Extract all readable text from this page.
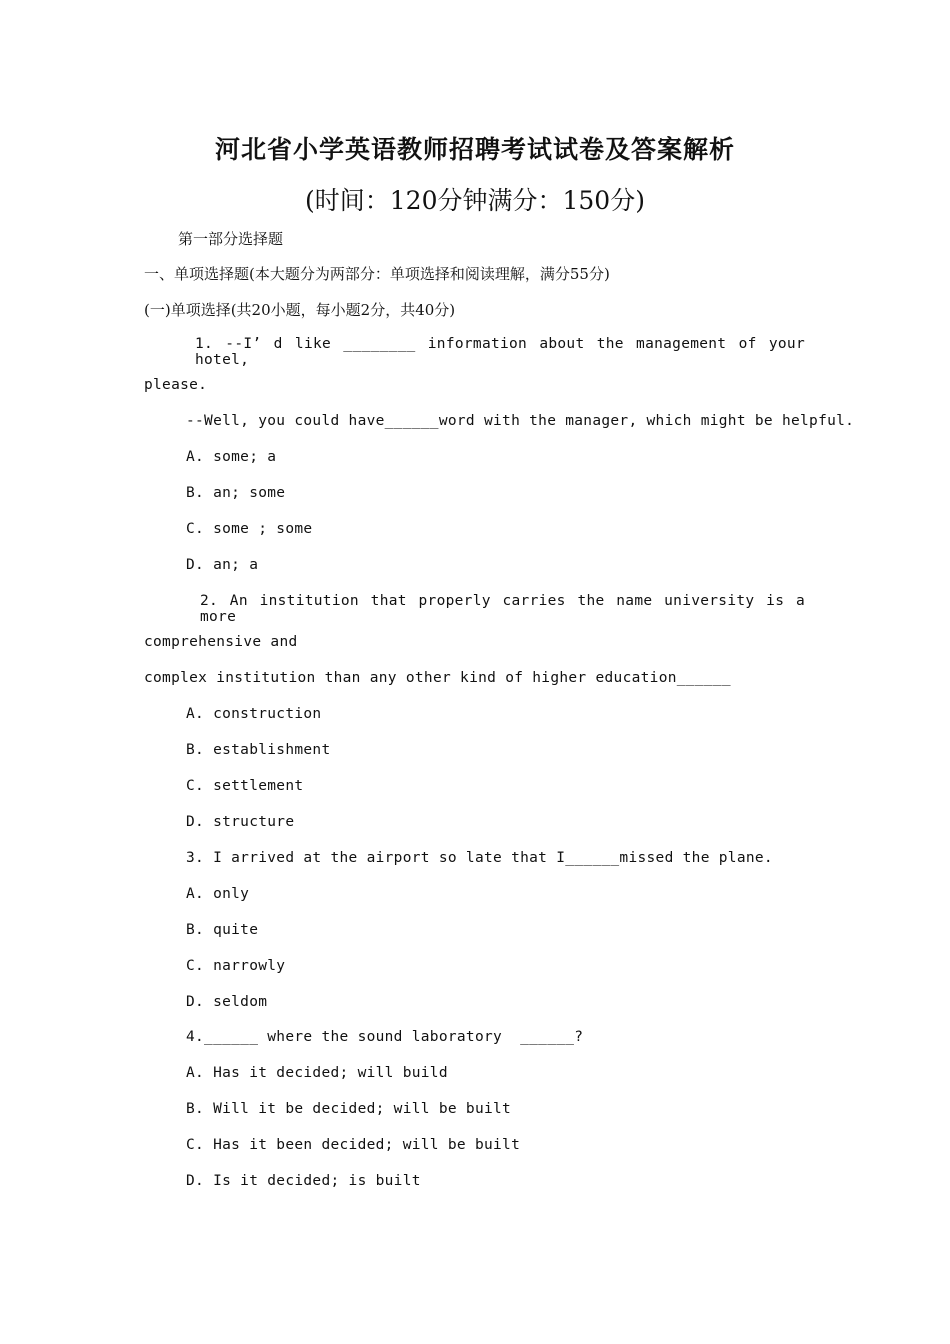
河北省小学英语教师招聘考试试卷及答案解析
(时间：120分钟满分：150分)
第一部分选择题
一、单项选择题(本大题分为两部分：单项选择和阅读理解，满分55分)
(一)单项选择(共20小题，每小题2分，共40分)
1. --I’ d like ________ information about the management of your hotel,
please.
--Well, you could have______word with the manager, which might be helpful.
A. some; a
B. an; some
C. some ; some
D. an; a
2. An institution that properly carries the name university is a more
comprehensive and
complex institution than any other kind of higher education______
A. construction
B. establishment
C. settlement
D. structure
3. I arrived at the airport so late that I______missed the plane.
A. only
B. quite
C. narrowly
D. seldom
4.______ where the sound laboratory  ______?
A. Has it decided; will build
B. Will it be decided; will be built
C. Has it been decided; will be built
D. Is it decided; is built
